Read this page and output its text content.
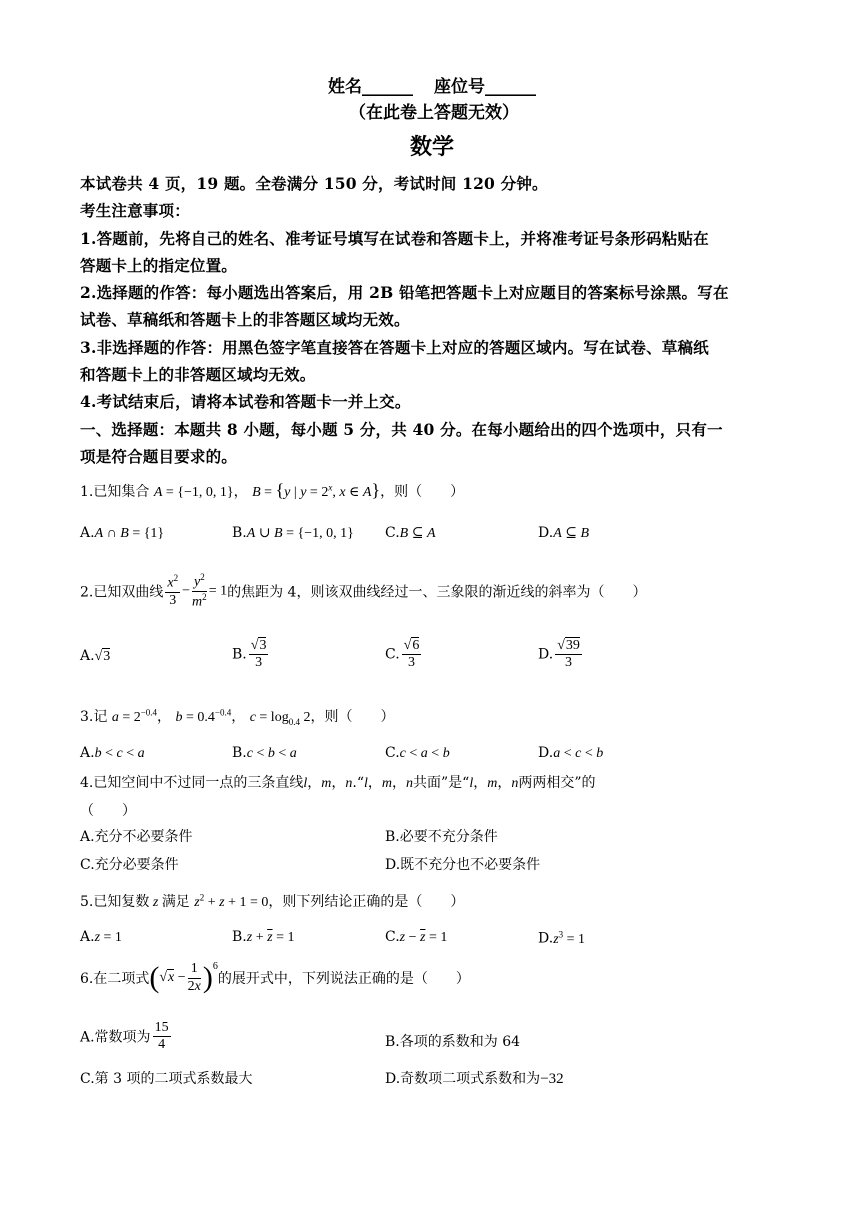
姓名______ 座位号______
（在此卷上答题无效）
数学
本试卷共 4 页，19 题。全卷满分 150 分，考试时间 120 分钟。
考生注意事项：
1.答题前，先将自己的姓名、准考证号填写在试卷和答题卡上，并将准考证号条形码粘贴在
答题卡上的指定位置。
2.选择题的作答：每小题选出答案后，用 2B 铅笔把答题卡上对应题目的答案标号涂黑。写在
试卷、草稿纸和答题卡上的非答题区域均无效。
3.非选择题的作答：用黑色签字笔直接答在答题卡上对应的答题区域内。写在试卷、草稿纸
和答题卡上的非答题区域均无效。
4.考试结束后，请将本试卷和答题卡一并上交。
一、选择题：本题共 8 小题，每小题 5 分，共 40 分。在每小题给出的四个选项中，只有一
项是符合题目要求的。
1.已知集合 A = {−1, 0, 1}， B = {y | $y = 2^x$, x ∈ A}，则（　　）
A.A ∩ B = {1}	B.A ∪ B = {−1, 0, 1} C.B ⊆ A	D.A ⊆ B
2.已知双曲线 $\frac{x^2}{3} - \frac{y^2}{m^2} = 1$的焦距为 4，则该双曲线经过一、三象限的渐近线的斜率为（　　）
A.√3	B. $\frac{√3}{3}$	C. $\frac{√6}{3}$	D. $\frac{√39}{3}$
3.记 $a = 2^{-0.4}$， $b = 0.4^{-0.4}$， $c = \log_{0.4} 2$，则（　　）
A.b < c < a	B.c < b < a	C.c < a < b	D.a < c < b
4.已知空间中不过同一点的三条直线l，m，n.“l，m，n共面”是“l，m，n两两相交”的
（　　）
A.充分不必要条件	B.必要不充分条件
C.充分必要条件	D.既不充分也不必要条件
5.已知复数 z 满足 $z^2 + z + 1 = 0$，则下列结论正确的是（　　）
A.z = 1	$B.z + \overline{z} = 1$	$C.z - \overline{z} = 1$	$D.z^3 = 1$
6.在二项式$(√x - \frac{1}{2x} )^6$的展开式中，下列说法正确的是（　　）
A.常数项为 $\frac{15}{4}$	B.各项的系数和为 64
C.第 3 项的二项式系数最大	D.奇数项二项式系数和为−32
